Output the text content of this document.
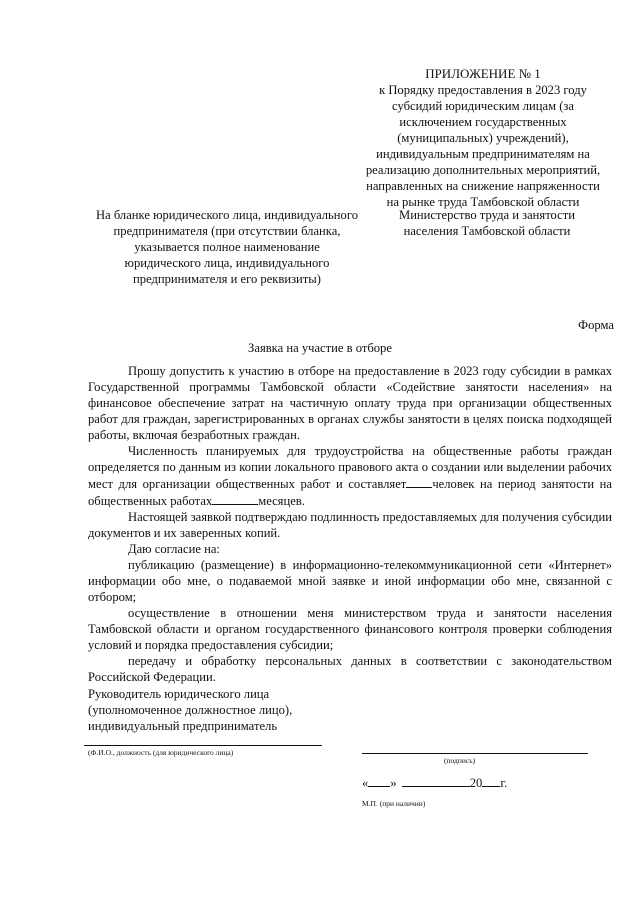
ПРИЛОЖЕНИЕ № 1
к Порядку предоставления в 2023 году
субсидий юридическим лицам (за
исключением государственных
(муниципальных) учреждений),
индивидуальным предпринимателям на
реализацию дополнительных мероприятий,
направленных на снижение напряженности
на рынке труда Тамбовской области
На бланке юридического лица, индивидуального
предпринимателя (при отсутствии бланка,
указывается полное наименование
юридического лица, индивидуального
предпринимателя и его реквизиты)
Министерство труда и занятости
населения Тамбовской области
Форма
Заявка на участие в отборе

Прошу допустить к участию в отборе на предоставление в 2023 году субсидии в рамках Государственной программы Тамбовской области «Содействие занятости населения» на финансовое обеспечение затрат на частичную оплату труда при организации общественных работ для граждан, зарегистрированных в органах службы занятости в целях поиска подходящей работы, включая безработных граждан.

Численность планируемых для трудоустройства на общественные работы граждан определяется по данным из копии локального правового акта о создании или выделении рабочих мест для организации общественных работ и составляет человек на период занятости на общественных работах	месяцев.

Настоящей заявкой подтверждаю подлинность предоставляемых для получения субсидии документов и их заверенных копий.

Даю согласие на:

публикацию (размещение) в информационно-телекоммуникационной сети «Интернет» информации обо мне, о подаваемой мной заявке и иной информации обо мне, связанной с отбором;

осуществление в отношении меня министерством труда и занятости населения Тамбовской области и органом государственного финансового контроля проверки соблюдения условий и порядка предоставления субсидии;

передачу и обработку персональных данных в соответствии с законодательством Российской Федерации.

Руководитель юридического лица
(уполномоченное должностное лицо),
индивидуальный предприниматель
(Ф.И.О., должность (для юридического лица)
(подпись)
« »	20 г.
М.П. (при наличии)
